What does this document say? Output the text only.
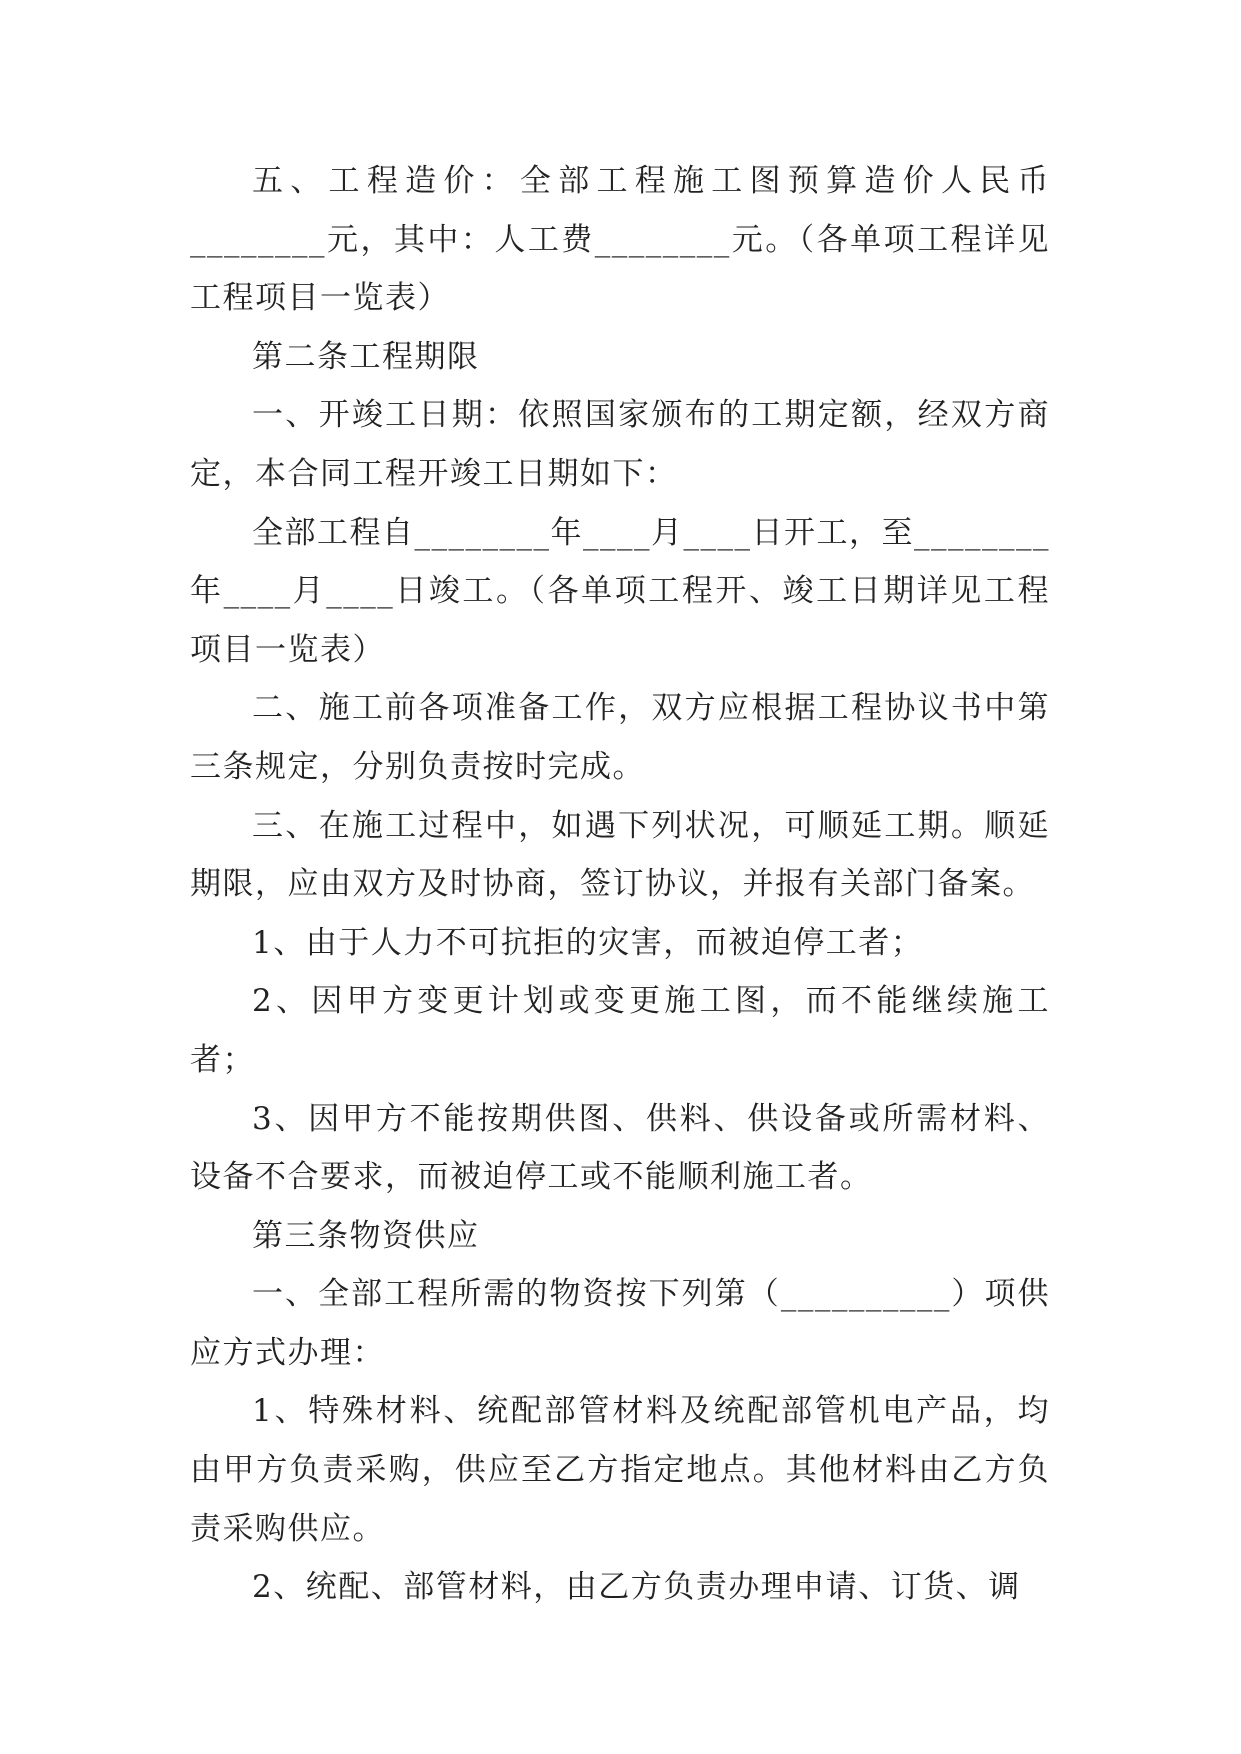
五、工程造价：全部工程施工图预算造价人民币________元，其中：人工费________元。（各单项工程详见工程项目一览表）

第二条工程期限

一、开竣工日期：依照国家颁布的工期定额，经双方商定，本合同工程开竣工日期如下：

全部工程自________年____月____日开工，至________年____月____日竣工。（各单项工程开、竣工日期详见工程项目一览表）

二、施工前各项准备工作，双方应根据工程协议书中第三条规定，分别负责按时完成。

三、在施工过程中，如遇下列状况，可顺延工期。顺延期限，应由双方及时协商，签订协议，并报有关部门备案。

1、由于人力不可抗拒的灾害，而被迫停工者；

2、因甲方变更计划或变更施工图，而不能继续施工者；

3、因甲方不能按期供图、供料、供设备或所需材料、设备不合要求，而被迫停工或不能顺利施工者。

第三条物资供应

一、全部工程所需的物资按下列第（__________）项供应方式办理：

1、特殊材料、统配部管材料及统配部管机电产品，均由甲方负责采购，供应至乙方指定地点。其他材料由乙方负责采购供应。

2、统配、部管材料，由乙方负责办理申请、订货、调
